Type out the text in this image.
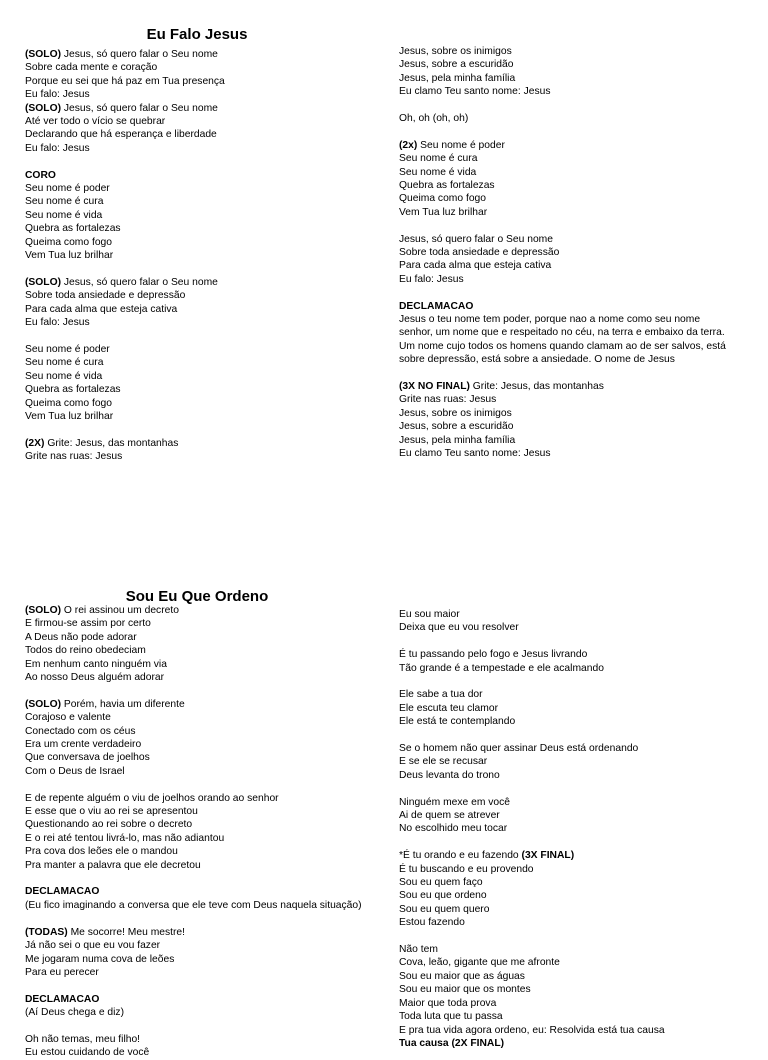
Eu Falo Jesus
(SOLO) Jesus, só quero falar o Seu nome
Sobre cada mente e coração
Porque eu sei que há paz em Tua presença
Eu falo: Jesus
(SOLO) Jesus, só quero falar o Seu nome
Até ver todo o vício se quebrar
Declarando que há esperança e liberdade
Eu falo: Jesus
CORO
Seu nome é poder
Seu nome é cura
Seu nome é vida
Quebra as fortalezas
Queima como fogo
Vem Tua luz brilhar
(SOLO) Jesus, só quero falar o Seu nome
Sobre toda ansiedade e depressão
Para cada alma que esteja cativa
Eu falo: Jesus
Seu nome é poder
Seu nome é cura
Seu nome é vida
Quebra as fortalezas
Queima como fogo
Vem Tua luz brilhar
(2X) Grite: Jesus, das montanhas
Grite nas ruas: Jesus
Jesus, sobre os inimigos
Jesus, sobre a escuridão
Jesus, pela minha família
Eu clamo Teu santo nome: Jesus
Oh, oh (oh, oh)
(2x) Seu nome é poder
Seu nome é cura
Seu nome é vida
Quebra as fortalezas
Queima como fogo
Vem Tua luz brilhar
Jesus, só quero falar o Seu nome
Sobre toda ansiedade e depressão
Para cada alma que esteja cativa
Eu falo: Jesus
DECLAMACAO
Jesus o teu nome tem poder, porque nao a nome como seu nome senhor, um nome que e respeitado no céu, na terra e embaixo da terra. Um nome cujo todos os homens quando clamam ao de ser salvos, está sobre depressão, está sobre a ansiedade. O nome de Jesus
(3X NO FINAL) Grite: Jesus, das montanhas
Grite nas ruas: Jesus
Jesus, sobre os inimigos
Jesus, sobre a escuridão
Jesus, pela minha família
Eu clamo Teu santo nome: Jesus
Sou Eu Que Ordeno
(SOLO) O rei assinou um decreto
E firmou-se assim por certo
A Deus não pode adorar
Todos do reino obedeciam
Em nenhum canto ninguém via
Ao nosso Deus alguém adorar
(SOLO) Porém, havia um diferente
Corajoso e valente
Conectado com os céus
Era um crente verdadeiro
Que conversava de joelhos
Com o Deus de Israel
E de repente alguém o viu de joelhos orando ao senhor
E esse que o viu ao rei se apresentou
Questionando ao rei sobre o decreto
E o rei até tentou livrá-lo, mas não adiantou
Pra cova dos leões ele o mandou
Pra manter a palavra que ele decretou
DECLAMACAO
(Eu fico imaginando a conversa que ele teve com Deus naquela situação)
(TODAS) Me socorre! Meu mestre!
Já não sei o que eu vou fazer
Me jogaram numa cova de leões
Para eu perecer
DECLAMACAO
(Aí Deus chega e diz)
Oh não temas, meu filho!
Eu estou cuidando de você
Eu sou maior
Deixa que eu vou resolver
É tu passando pelo fogo e Jesus livrando
Tão grande é a tempestade e ele acalmando
Ele sabe a tua dor
Ele escuta teu clamor
Ele está te contemplando
Se o homem não quer assinar Deus está ordenando
E se ele se recusar
Deus levanta do trono
Ninguém mexe em você
Ai de quem se atrever
No escolhido meu tocar
*É tu orando e eu fazendo (3X FINAL)
É tu buscando e eu provendo
Sou eu quem faço
Sou eu que ordeno
Sou eu quem quero
Estou fazendo
Não tem
Cova, leão, gigante que me afronte
Sou eu maior que as águas
Sou eu maior que os montes
Maior que toda prova
Toda luta que tu passa
E pra tua vida agora ordeno, eu: Resolvida está tua causa
Tua causa (2X FINAL)
